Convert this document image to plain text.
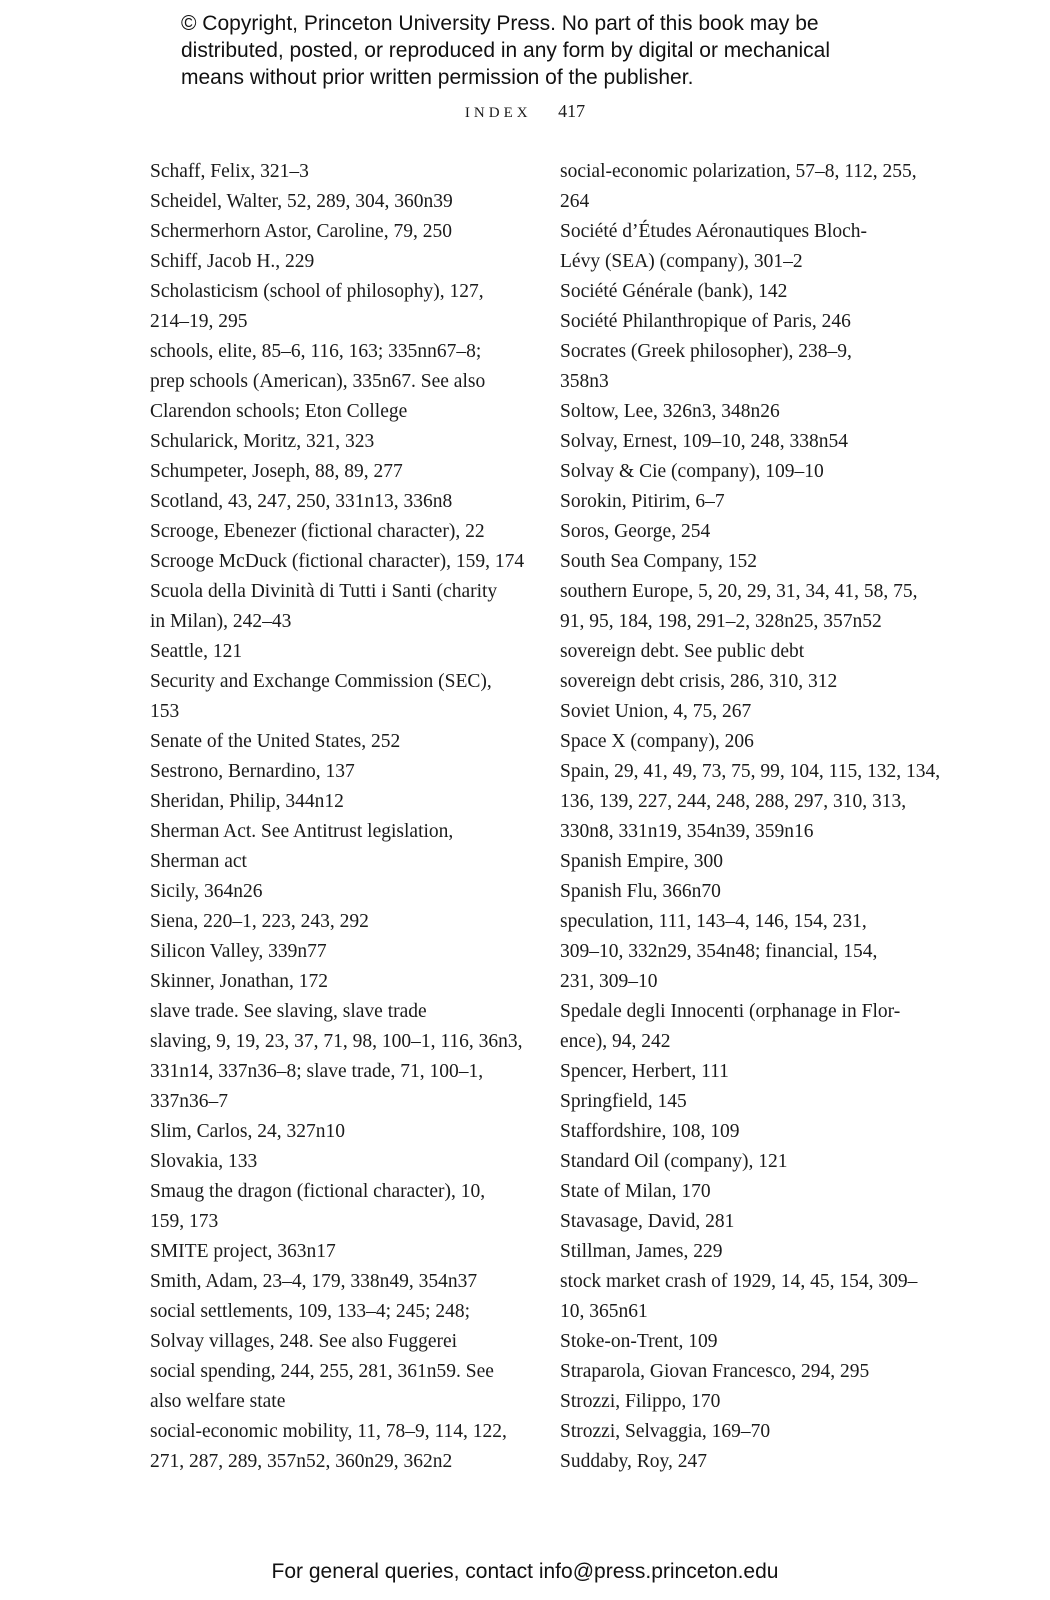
© Copyright, Princeton University Press. No part of this book may be
distributed, posted, or reproduced in any form by digital or mechanical
means without prior written permission of the publisher.
INDEX 417
Schaff, Felix, 321–3
Scheidel, Walter, 52, 289, 304, 360n39
Schermerhorn Astor, Caroline, 79, 250
Schiff, Jacob H., 229
Scholasticism (school of philosophy), 127,
214–19, 295
schools, elite, 85–6, 116, 163; 335nn67–8;
prep schools (American), 335n67. See also
Clarendon schools; Eton College
Schularick, Moritz, 321, 323
Schumpeter, Joseph, 88, 89, 277
Scotland, 43, 247, 250, 331n13, 336n8
Scrooge, Ebenezer (fictional character), 22
Scrooge McDuck (fictional character), 159, 174
Scuola della Divinità di Tutti i Santi (charity
in Milan), 242–43
Seattle, 121
Security and Exchange Commission (SEC),
153
Senate of the United States, 252
Sestrono, Bernardino, 137
Sheridan, Philip, 344n12
Sherman Act. See Antitrust legislation,
Sherman act
Sicily, 364n26
Siena, 220–1, 223, 243, 292
Silicon Valley, 339n77
Skinner, Jonathan, 172
slave trade. See slaving, slave trade
slaving, 9, 19, 23, 37, 71, 98, 100–1, 116, 36n3,
331n14, 337n36–8; slave trade, 71, 100–1,
337n36–7
Slim, Carlos, 24, 327n10
Slovakia, 133
Smaug the dragon (fictional character), 10,
159, 173
SMITE project, 363n17
Smith, Adam, 23–4, 179, 338n49, 354n37
social settlements, 109, 133–4; 245; 248;
Solvay villages, 248. See also Fuggerei
social spending, 244, 255, 281, 361n59. See
also welfare state
social-economic mobility, 11, 78–9, 114, 122,
271, 287, 289, 357n52, 360n29, 362n2
social-economic polarization, 57–8, 112, 255,
264
Société d’Études Aéronautiques Bloch-
Lévy (SEA) (company), 301–2
Société Générale (bank), 142
Société Philanthropique of Paris, 246
Socrates (Greek philosopher), 238–9,
358n3
Soltow, Lee, 326n3, 348n26
Solvay, Ernest, 109–10, 248, 338n54
Solvay & Cie (company), 109–10
Sorokin, Pitirim, 6–7
Soros, George, 254
South Sea Company, 152
southern Europe, 5, 20, 29, 31, 34, 41, 58, 75,
91, 95, 184, 198, 291–2, 328n25, 357n52
sovereign debt. See public debt
sovereign debt crisis, 286, 310, 312
Soviet Union, 4, 75, 267
Space X (company), 206
Spain, 29, 41, 49, 73, 75, 99, 104, 115, 132, 134,
136, 139, 227, 244, 248, 288, 297, 310, 313,
330n8, 331n19, 354n39, 359n16
Spanish Empire, 300
Spanish Flu, 366n70
speculation, 111, 143–4, 146, 154, 231,
309–10, 332n29, 354n48; financial, 154,
231, 309–10
Spedale degli Innocenti (orphanage in Flor-
ence), 94, 242
Spencer, Herbert, 111
Springfield, 145
Staffordshire, 108, 109
Standard Oil (company), 121
State of Milan, 170
Stavasage, David, 281
Stillman, James, 229
stock market crash of 1929, 14, 45, 154, 309–
10, 365n61
Stoke-on-Trent, 109
Straparola, Giovan Francesco, 294, 295
Strozzi, Filippo, 170
Strozzi, Selvaggia, 169–70
Suddaby, Roy, 247
For general queries, contact info@press.princeton.edu
